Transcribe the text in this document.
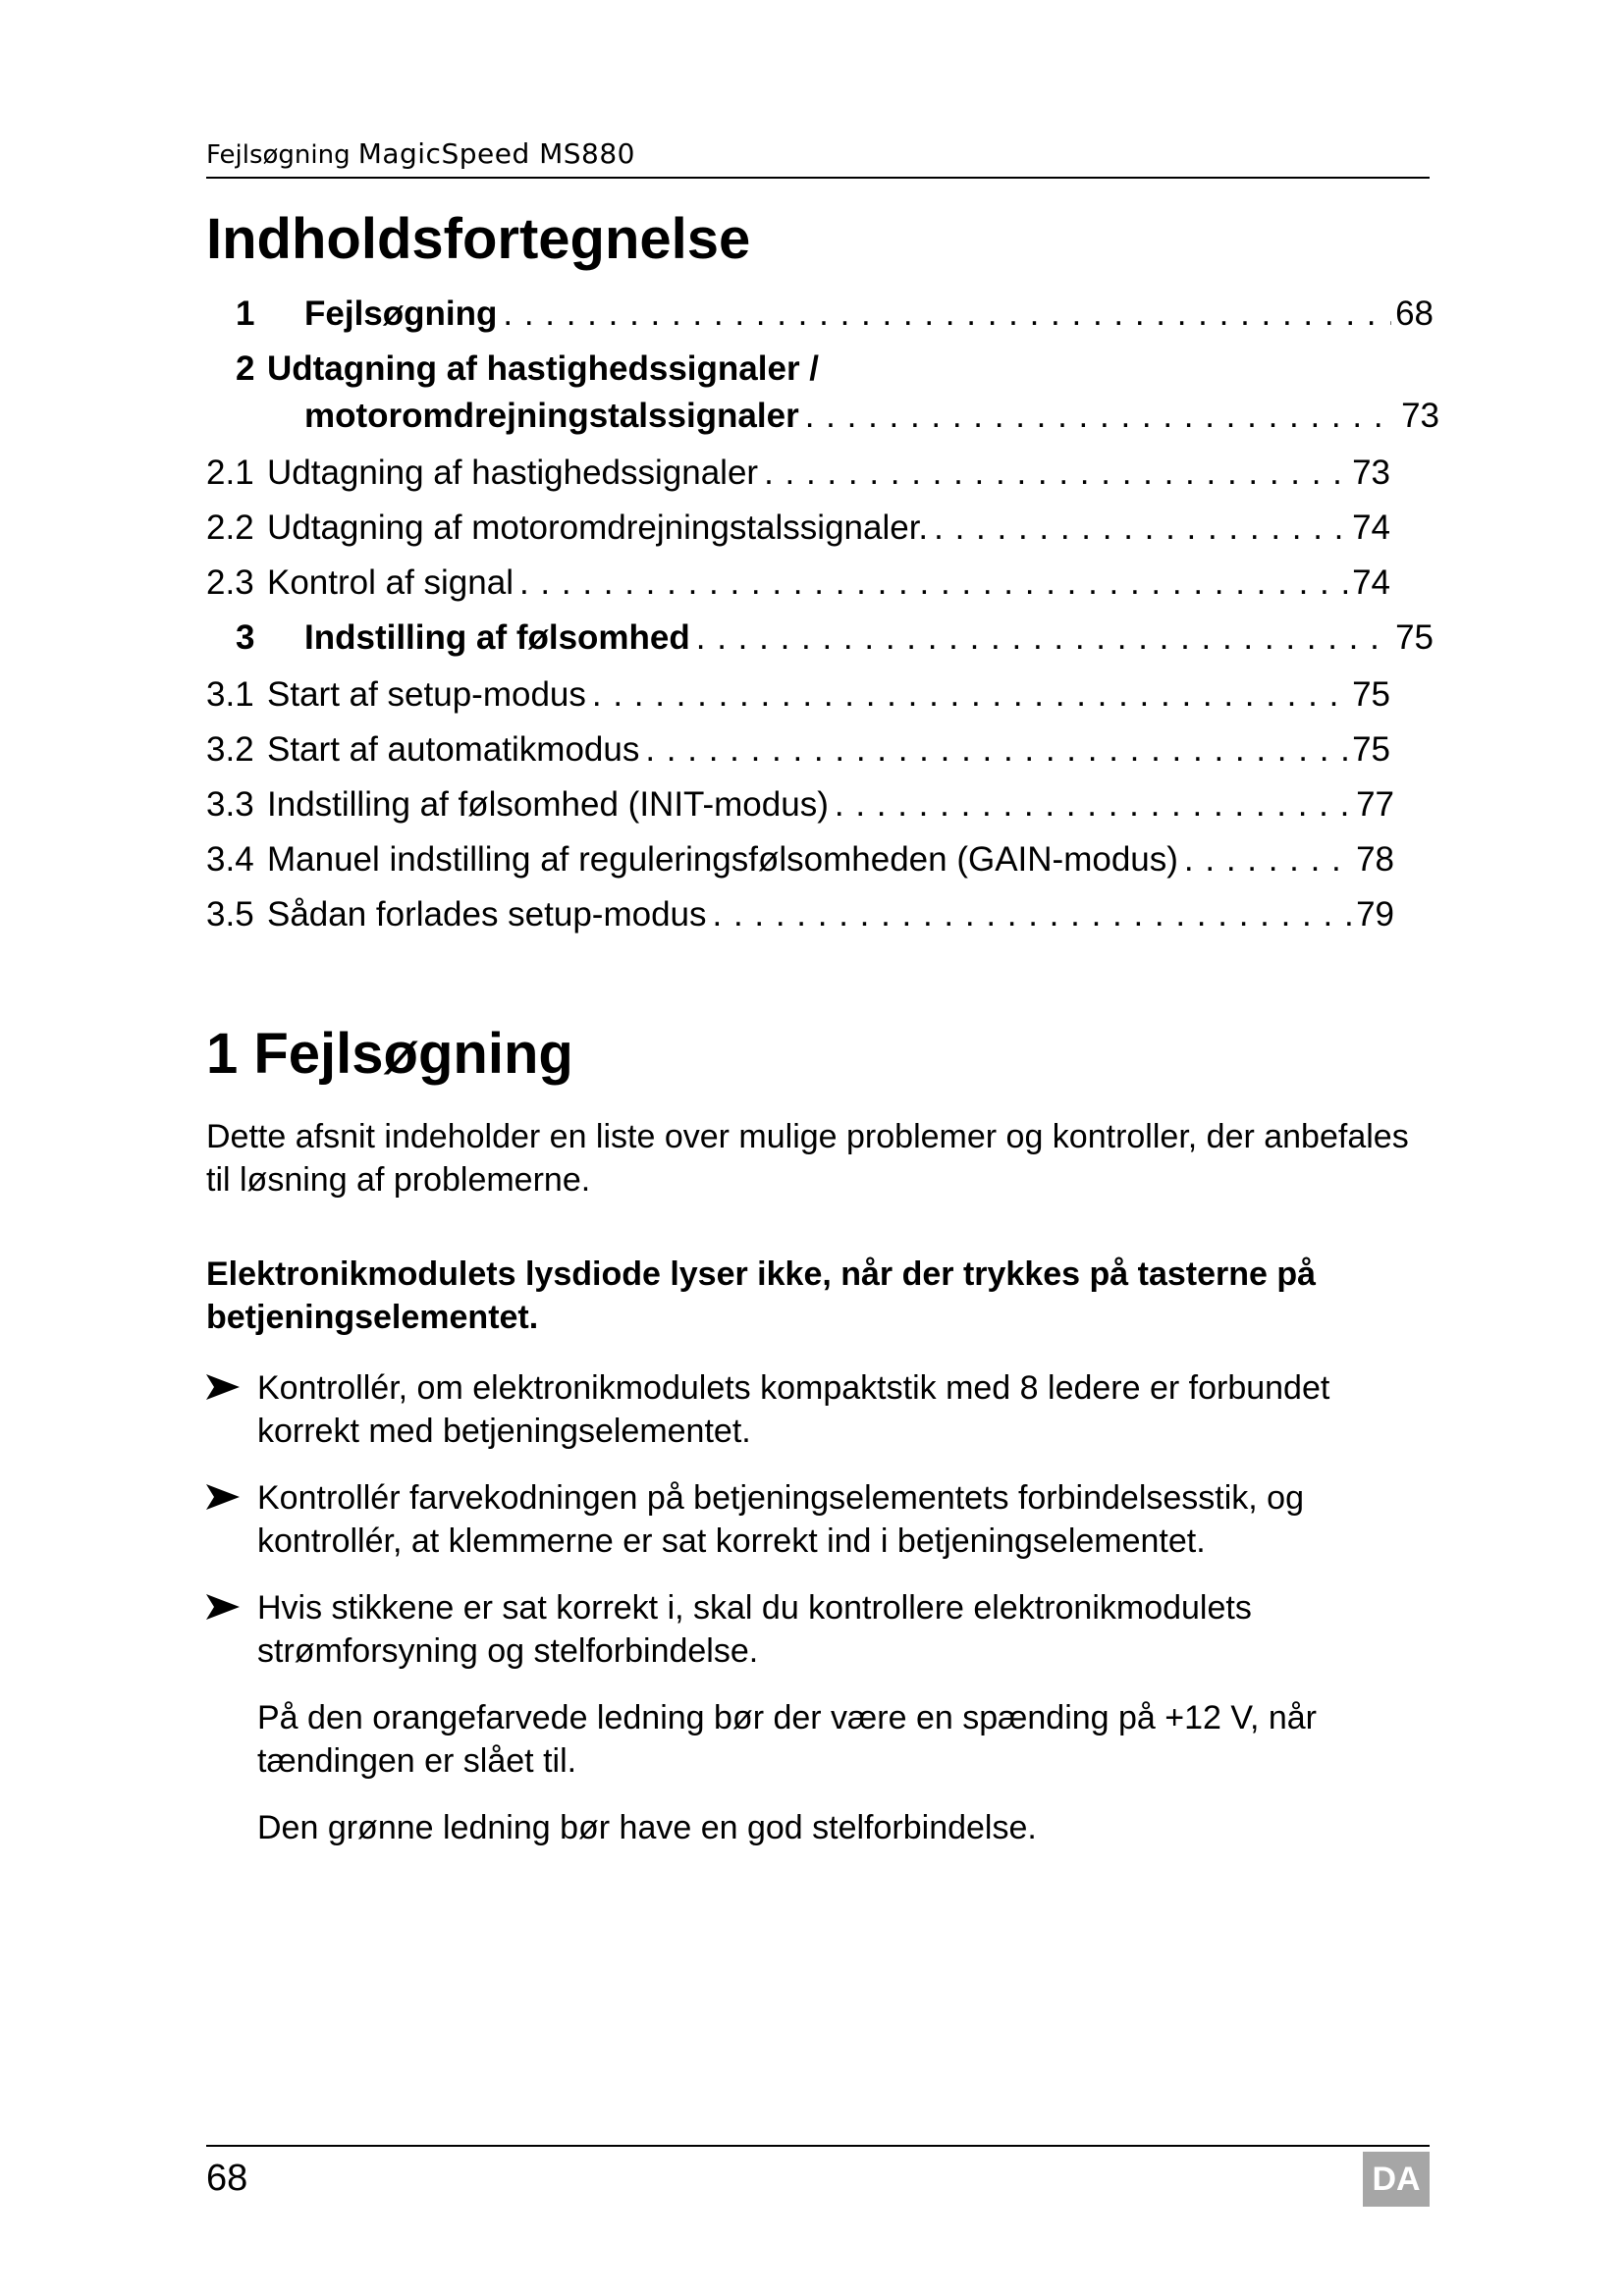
Fejlsøgning MagicSpeed MS880
Indholdsfortegnelse
1	Fejlsøgning . . .	68
2 Udtagning af hastighedssignaler /
motoromdrejningstalssignaler . . .	73
2.1 Udtagning af hastighedssignaler . . .	73
2.2 Udtagning af motoromdrejningstalssignaler. . . .	74
2.3 Kontrol af signal . . .	74
3	Indstilling af følsomhed . . .	75
3.1 Start af setup-modus . . .	75
3.2 Start af automatikmodus . . .	75
3.3 Indstilling af følsomhed (INIT-modus) . . .	77
3.4 Manuel indstilling af reguleringsfølsomheden (GAIN-modus) . . .	78
3.5 Sådan forlades setup-modus . . .	79
1 Fejlsøgning

Dette afsnit indeholder en liste over mulige problemer og kontroller, der anbefales til løsning af problemerne.

Elektronikmodulets lysdiode lyser ikke, når der trykkes på tasterne på betjeningselementet.

Kontrollér, om elektronikmodulets kompaktstik med 8 ledere er forbundet korrekt med betjeningselementet.
Kontrollér farvekodningen på betjeningselementets forbindelsesstik, og kontrollér, at klemmerne er sat korrekt ind i betjeningselementet.
Hvis stikkene er sat korrekt i, skal du kontrollere elektronikmodulets strømforsyning og stelforbindelse.

På den orangefarvede ledning bør der være en spænding på +12 V, når tændingen er slået til.

Den grønne ledning bør have en god stelforbindelse.

68	DA
